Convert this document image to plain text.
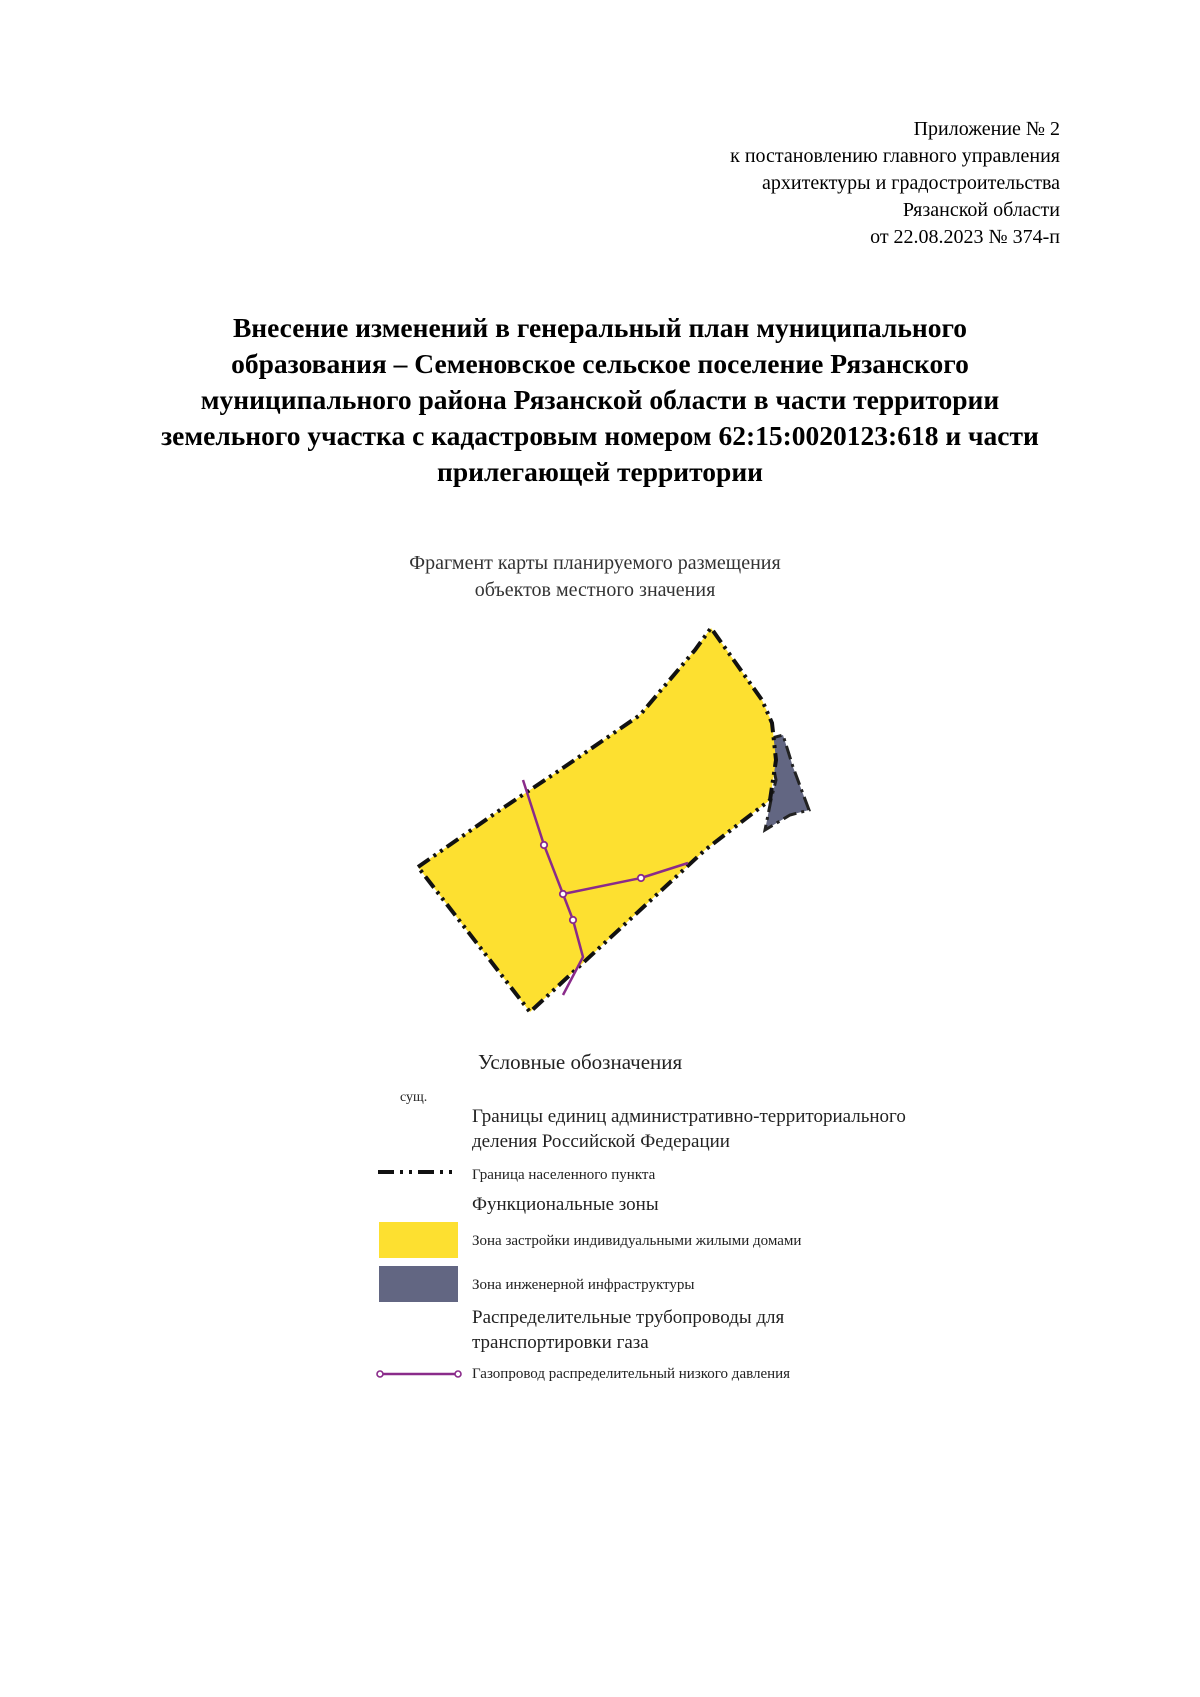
Приложение № 2
к постановлению главного управления
архитектуры и градостроительства
Рязанской области
от 22.08.2023 № 374-п
Внесение изменений в генеральный план муниципального
образования – Семеновское сельское поселение Рязанского
муниципального района Рязанской области в части территории
земельного участка с кадастровым номером 62:15:0020123:618 и части
прилегающей территории
Фрагмент карты планируемого размещения
объектов местного значения
Условные обозначения
сущ.
Границы единиц административно-территориального
деления Российской Федерации
Граница населенного пункта
Функциональные зоны
Зона застройки индивидуальными жилыми домами
Зона инженерной инфраструктуры
Распределительные трубопроводы для
транспортировки газа
Газопровод распределительный низкого давления
